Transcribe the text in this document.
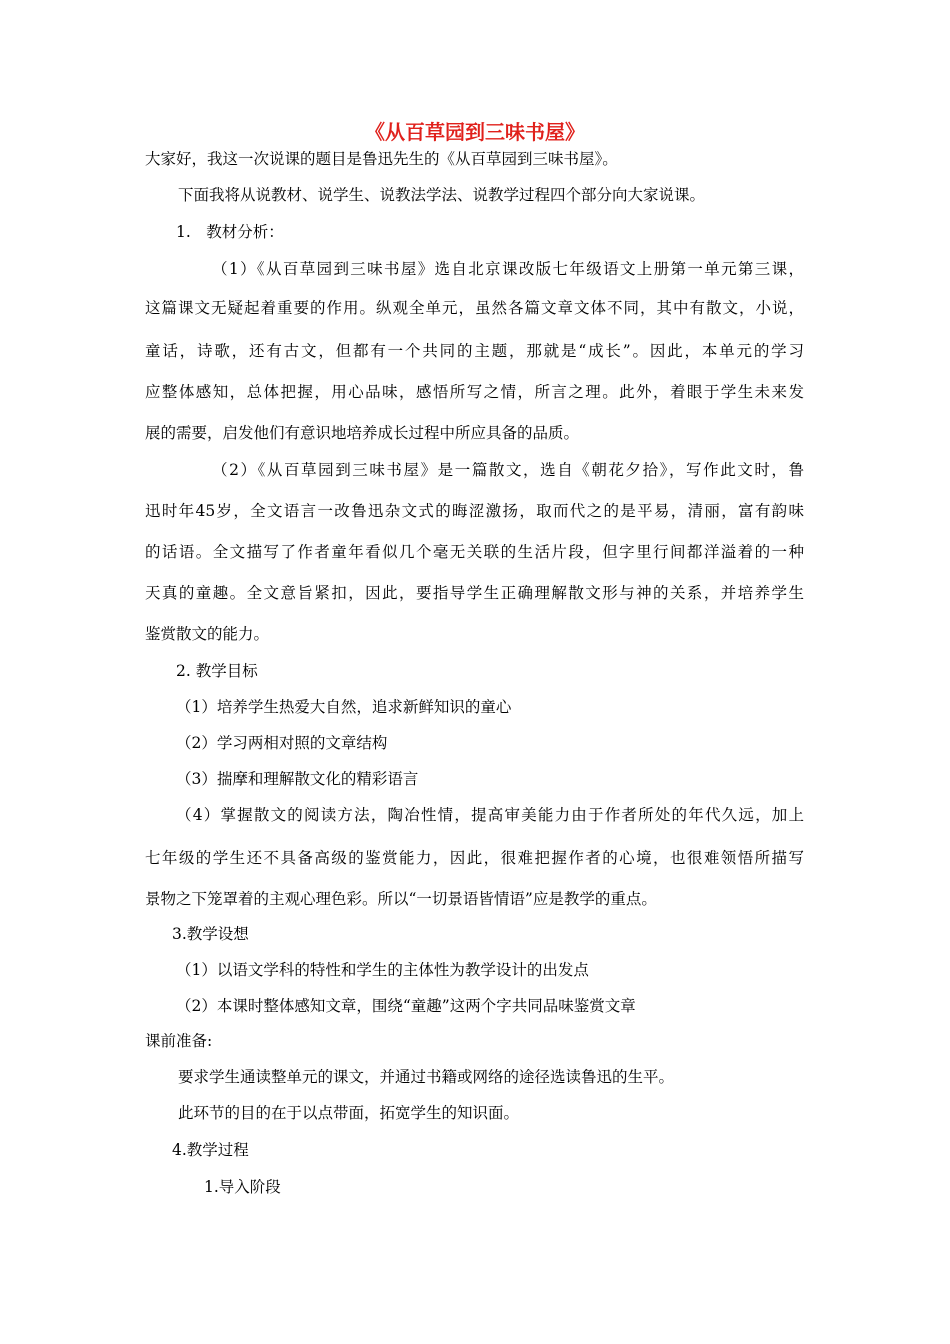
《从百草园到三味书屋》
大家好，我这一次说课的题目是鲁迅先生的《从百草园到三味书屋》。
下面我将从说教材、说学生、说教法学法、说教学过程四个部分向大家说课。
1.　教材分析：
（1）《从百草园到三味书屋》选自北京课改版七年级语文上册第一单元第三课，
这篇课文无疑起着重要的作用。纵观全单元，虽然各篇文章文体不同，其中有散文，小说，
童话，诗歌，还有古文，但都有一个共同的主题，那就是“成长”。因此，本单元的学习
应整体感知，总体把握，用心品味，感悟所写之情，所言之理。此外，着眼于学生未来发
展的需要，启发他们有意识地培养成长过程中所应具备的品质。
（2）《从百草园到三味书屋》是一篇散文，选自《朝花夕拾》，写作此文时，鲁
迅时年45岁，全文语言一改鲁迅杂文式的晦涩激扬，取而代之的是平易，清丽，富有韵味
的话语。全文描写了作者童年看似几个毫无关联的生活片段，但字里行间都洋溢着的一种
天真的童趣。全文意旨紧扣，因此，要指导学生正确理解散文形与神的关系，并培养学生
鉴赏散文的能力。
2. 教学目标
（1）培养学生热爱大自然，追求新鲜知识的童心
（2）学习两相对照的文章结构
（3）揣摩和理解散文化的精彩语言
（4）掌握散文的阅读方法，陶冶性情，提高审美能力由于作者所处的年代久远，加上
七年级的学生还不具备高级的鉴赏能力，因此，很难把握作者的心境，也很难领悟所描写
景物之下笼罩着的主观心理色彩。所以“一切景语皆情语”应是教学的重点。
3.教学设想
（1）以语文学科的特性和学生的主体性为教学设计的出发点
（2）本课时整体感知文章，围绕“童趣”这两个字共同品味鉴赏文章
课前准备:
要求学生通读整单元的课文，并通过书籍或网络的途径选读鲁迅的生平。
此环节的目的在于以点带面，拓宽学生的知识面。
4.教学过程
1.导入阶段
